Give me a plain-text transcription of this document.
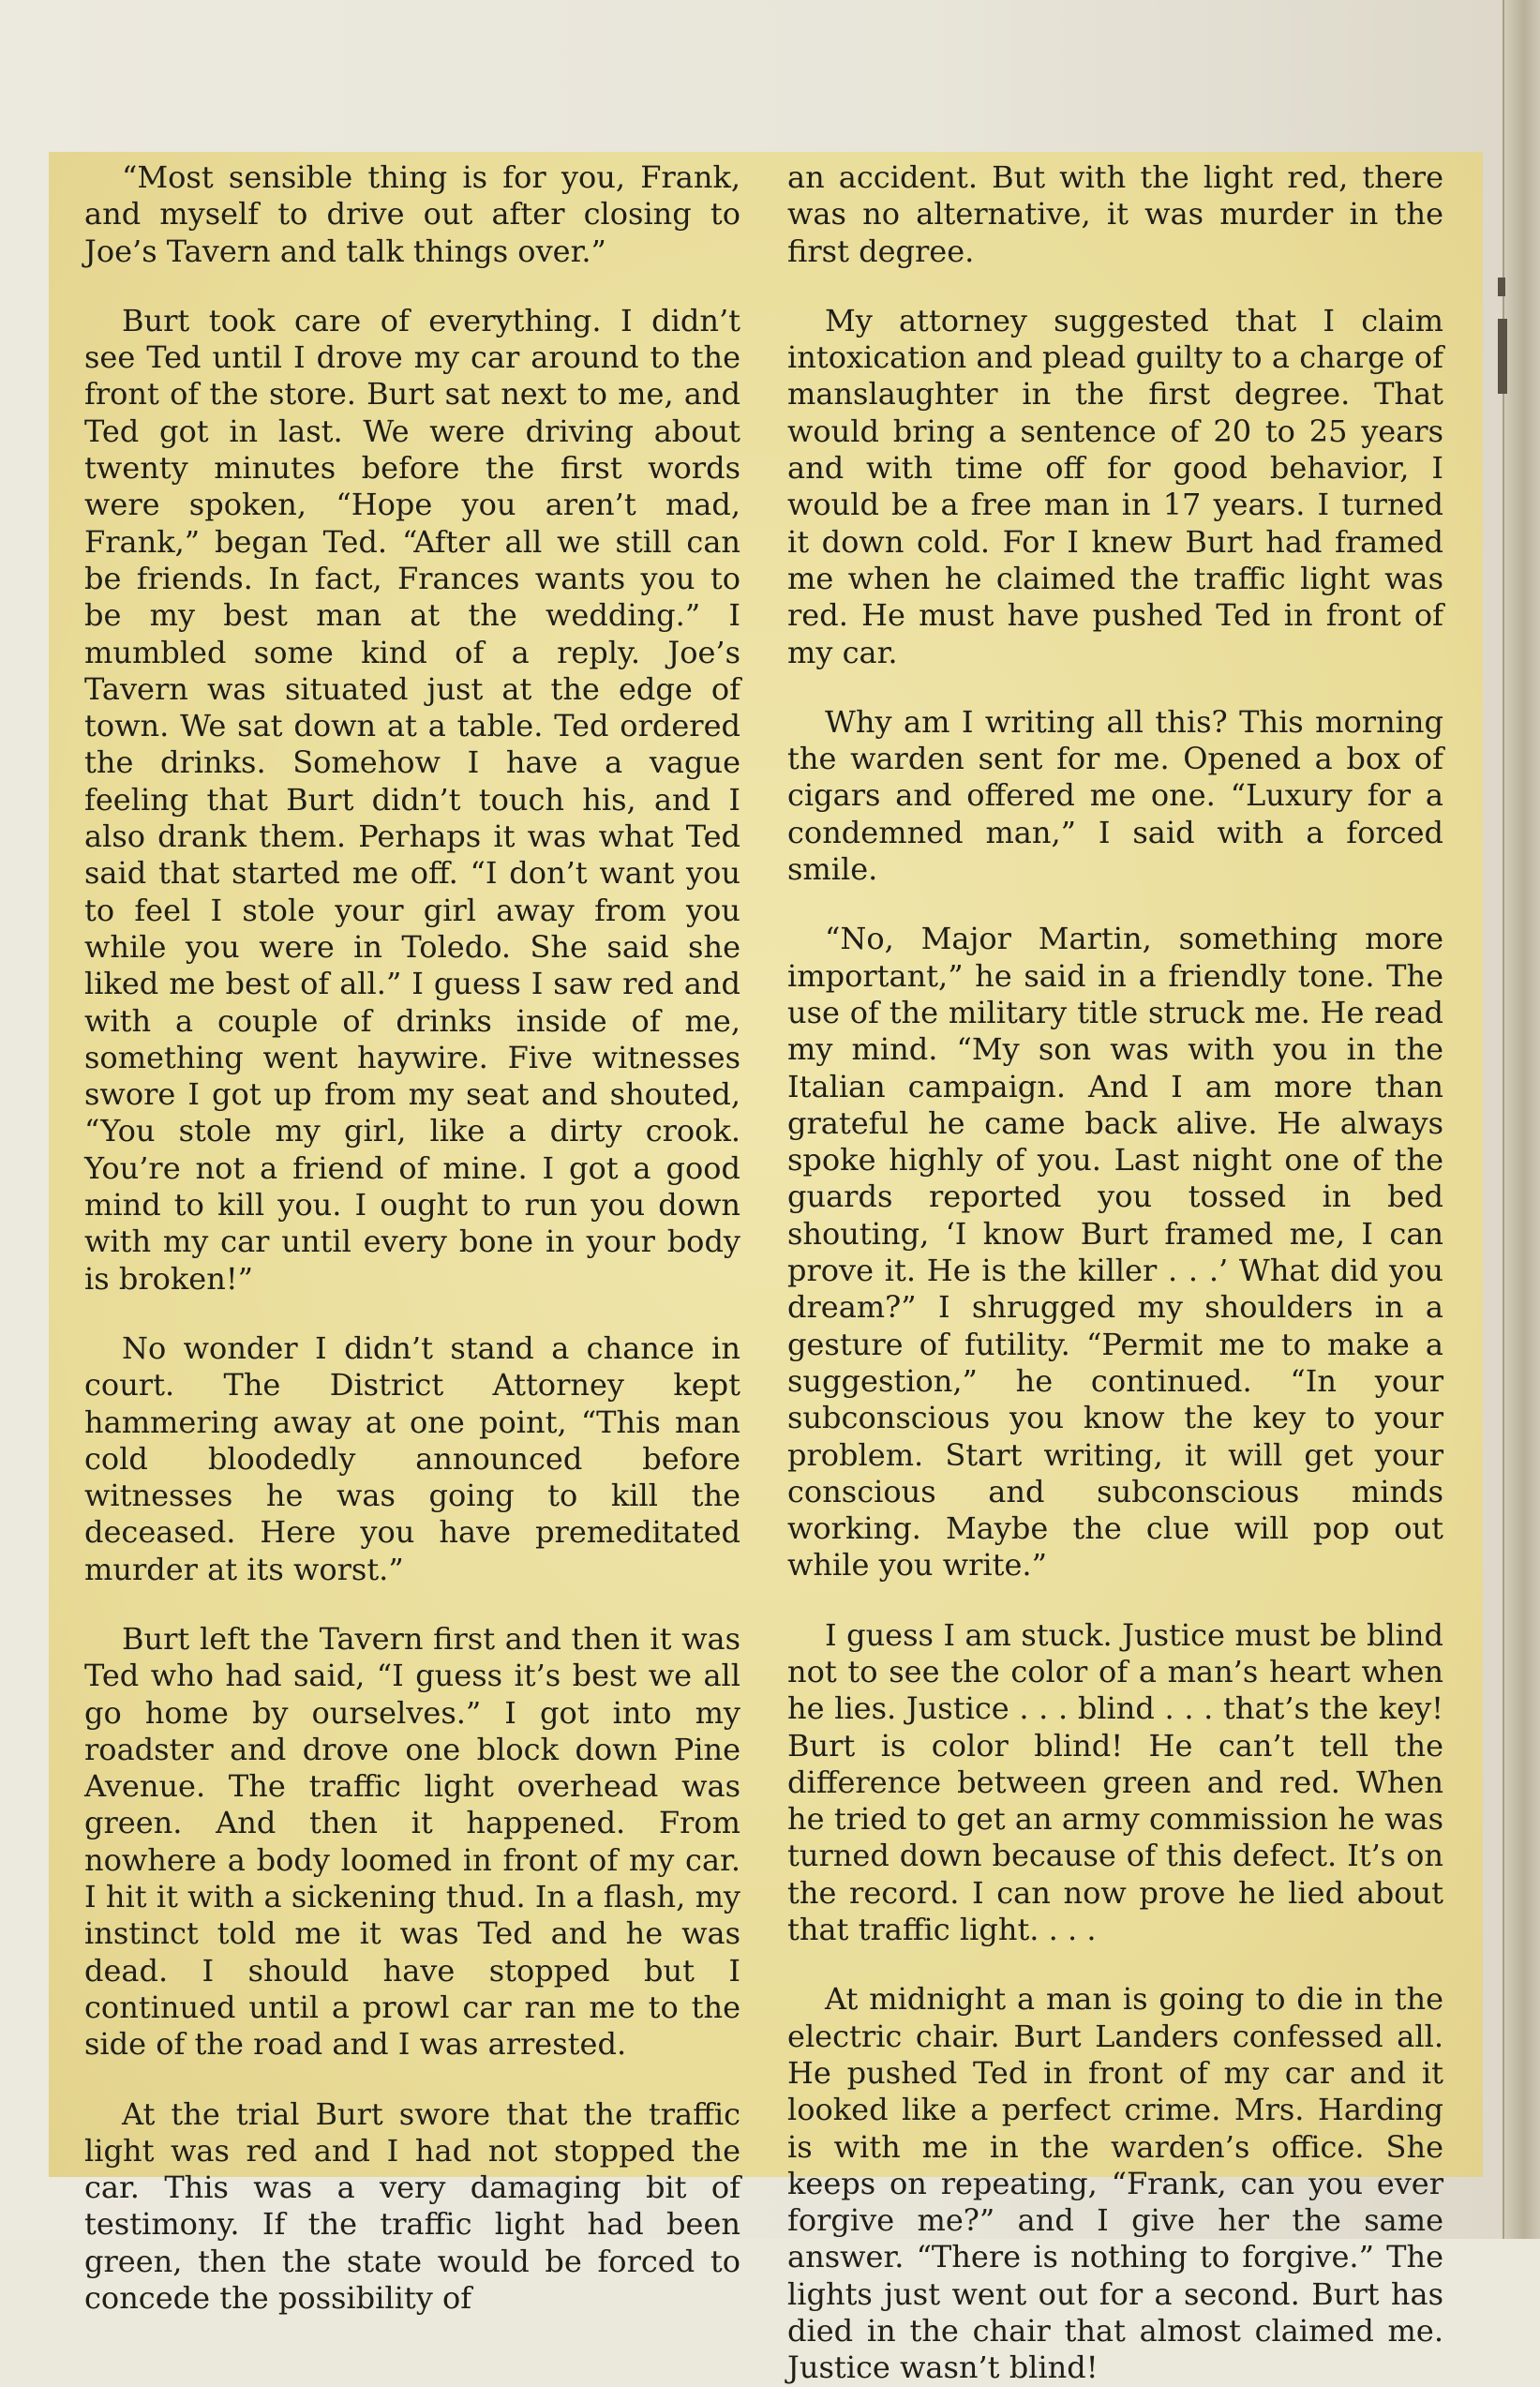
“Most sensible thing is for you, Frank, and myself to drive out after closing to Joe’s Tavern and talk things over.”

Burt took care of everything. I didn’t see Ted until I drove my car around to the front of the store. Burt sat next to me, and Ted got in last. We were driving about twenty minutes before the first words were spoken, “Hope you aren’t mad, Frank,” began Ted. “After all we still can be friends. In fact, Frances wants you to be my best man at the wedding.” I mumbled some kind of a reply. Joe’s Tavern was situated just at the edge of town. We sat down at a table. Ted ordered the drinks. Somehow I have a vague feeling that Burt didn’t touch his, and I also drank them. Perhaps it was what Ted said that started me off. “I don’t want you to feel I stole your girl away from you while you were in Toledo. She said she liked me best of all.” I guess I saw red and with a couple of drinks inside of me, something went haywire. Five witnesses swore I got up from my seat and shouted, “You stole my girl, like a dirty crook. You’re not a friend of mine. I got a good mind to kill you. I ought to run you down with my car until every bone in your body is broken!”

No wonder I didn’t stand a chance in court. The District Attorney kept hammering away at one point, “This man cold bloodedly announced before witnesses he was going to kill the deceased. Here you have premeditated murder at its worst.”

Burt left the Tavern first and then it was Ted who had said, “I guess it’s best we all go home by ourselves.” I got into my roadster and drove one block down Pine Avenue. The traffic light overhead was green. And then it happened. From nowhere a body loomed in front of my car. I hit it with a sickening thud. In a flash, my instinct told me it was Ted and he was dead. I should have stopped but I continued until a prowl car ran me to the side of the road and I was arrested.

At the trial Burt swore that the traffic light was red and I had not stopped the car. This was a very damaging bit of testimony. If the traffic light had been green, then the state would be forced to concede the possibility of

an accident. But with the light red, there was no alternative, it was murder in the first degree.

My attorney suggested that I claim intoxication and plead guilty to a charge of manslaughter in the first degree. That would bring a sentence of 20 to 25 years and with time off for good behavior, I would be a free man in 17 years. I turned it down cold. For I knew Burt had framed me when he claimed the traffic light was red. He must have pushed Ted in front of my car.

Why am I writing all this? This morning the warden sent for me. Opened a box of cigars and offered me one. “Luxury for a condemned man,” I said with a forced smile.

“No, Major Martin, something more important,” he said in a friendly tone. The use of the military title struck me. He read my mind. “My son was with you in the Italian campaign. And I am more than grateful he came back alive. He always spoke highly of you. Last night one of the guards reported you tossed in bed shouting, ‘I know Burt framed me, I can prove it. He is the killer . . .’ What did you dream?” I shrugged my shoulders in a gesture of futility. “Permit me to make a suggestion,” he continued. “In your subconscious you know the key to your problem. Start writing, it will get your conscious and subconscious minds working. Maybe the clue will pop out while you write.”

I guess I am stuck. Justice must be blind not to see the color of a man’s heart when he lies. Justice . . . blind . . . that’s the key! Burt is color blind! He can’t tell the difference between green and red. When he tried to get an army commission he was turned down because of this defect. It’s on the record. I can now prove he lied about that traffic light. . . .

At midnight a man is going to die in the electric chair. Burt Landers confessed all. He pushed Ted in front of my car and it looked like a perfect crime. Mrs. Harding is with me in the warden’s office. She keeps on repeating, “Frank, can you ever forgive me?” and I give her the same answer. “There is nothing to forgive.” The lights just went out for a second. Burt has died in the chair that almost claimed me. Justice wasn’t blind!
